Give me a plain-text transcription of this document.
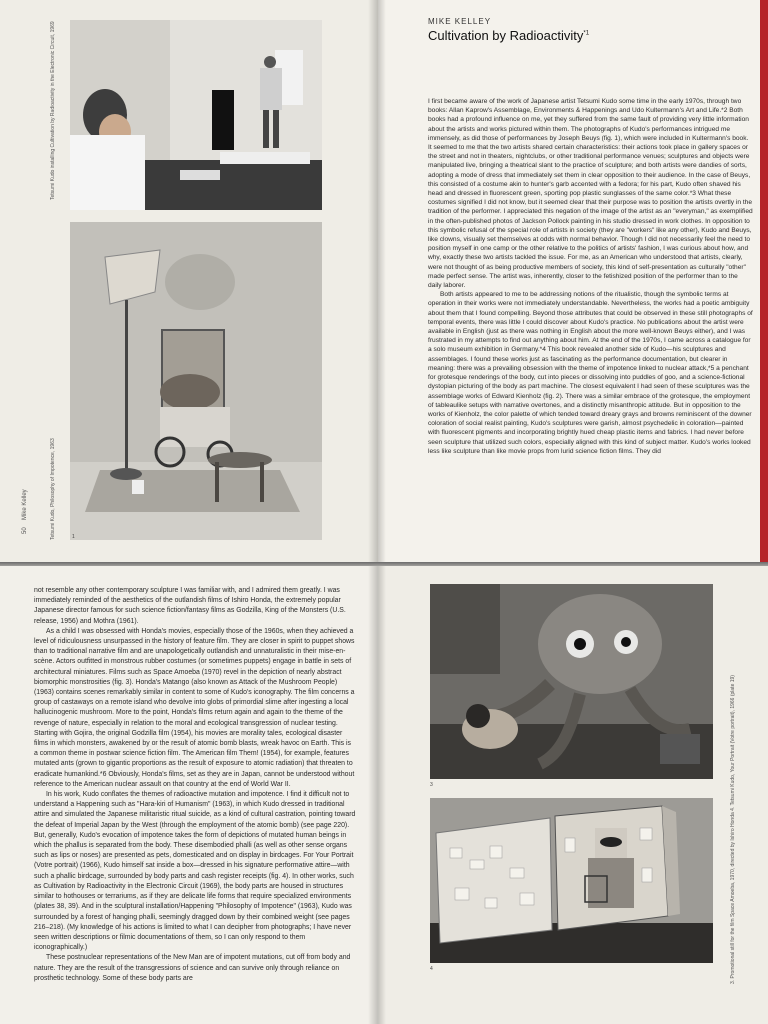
Tetsumi Kudo installing Cultivation by Radioactivity in the Electronic Circuit, 1969
Tetsumi Kudo, Philosophy of Impotence, 1963	1
50
Mike Kelley
MIKE KELLEY
Cultivation by Radioactivity$^{*1}$

I first became aware of the work of Japanese artist Tetsumi Kudo some time in the early 1970s, through two books: Allan Kaprow's Assemblage, Environments & Happenings and Udo Kultermann's Art and Life.*2 Both books had a profound influence on me, yet they suffered from the same fault of providing very little information about the artists and works pictured within them. The photographs of Kudo's performances intrigued me immensely, as did those of performances by Joseph Beuys (fig. 1), which were included in Kultermann's book. It seemed to me that the two artists shared certain characteristics: their actions took place in gallery spaces or the street and not in theaters, nightclubs, or other traditional performance venues; sculptures and objects were manipulated live, bringing a theatrical slant to the practice of sculpture; and both artists were dandies of sorts, adopting a mode of dress that immediately set them in clear opposition to their audience. In the case of Beuys, this consisted of a costume akin to hunter's garb accented with a fedora; for his part, Kudo often shaved his head and dressed in fluorescent green, sporting pop plastic sunglasses of the same color.*3 What these costumes signified I did not know, but it seemed clear that their purpose was to position the artists overtly in the tradition of the performer. I appreciated this negation of the image of the artist as an "everyman," as exemplified in the often-published photos of Jackson Pollock painting in his studio dressed in work clothes. In opposition to this symbolic refusal of the special role of artists in society (they are "workers" like any other), Kudo and Beuys, like clowns, visually set themselves at odds with normal behavior. Though I did not necessarily feel the need to position myself in one camp or the other relative to the politics of artists' fashion, I was curious about how, and why, exactly these two artists tackled the issue. For me, as an American who understood that artists, clearly, were not thought of as being productive members of society, this kind of self-presentation as culturally "other" made perfect sense. The artist was, inherently, closer to the fetishized position of the performer than to the daily laborer.

Both artists appeared to me to be addressing notions of the ritualistic, though the symbolic terms at operation in their works were not immediately understandable. Nevertheless, the works had a poetic ambiguity about them that I found compelling. Beyond those attributes that could be observed in these still photographs of temporal events, there was little I could discover about Kudo's practice. No publications about the artist were available in English (just as there was nothing in English about the more well-known Beuys either), and I was frustrated in my attempts to find out anything about him. At the end of the 1970s, I came across a catalogue for a solo museum exhibition in Germany.*4 This book revealed another side of Kudo—his sculptures and assemblages. I found these works just as fascinating as the performance documentation, but clearer in meaning: there was a prevailing obsession with the theme of impotence linked to nuclear attack,*5 a penchant for grotesque renderings of the body, cut into pieces or dissolving into puddles of goo, and a science-fictional dystopian picturing of the body as part machine. The closest equivalent I had seen of these sculptures was the assemblage works of Edward Kienholz (fig. 2). There was a similar embrace of the grotesque, the employment of tableaulike setups with narrative overtones, and a distinctly misanthropic attitude. But in opposition to the works of Kienholz, the color palette of which tended toward dreary grays and browns reminiscent of the downer coloration of social realist painting, Kudo's sculptures were garish, almost psychedelic in coloration—painted with fluorescent pigments and incorporating brightly hued cheap plastic items and fabrics. I had never before seen sculpture that utilized such colors, especially aligned with this kind of subject matter. Kudo's works looked less like sculpture than like movie props from lurid science fiction films. They did

not resemble any other contemporary sculpture I was familiar with, and I admired them greatly. I was immediately reminded of the aesthetics of the outlandish films of Ishiro Honda, the extremely popular Japanese director famous for such science fiction/fantasy films as Godzilla, King of the Monsters (U.S. release, 1956) and Mothra (1961).

As a child I was obsessed with Honda's movies, especially those of the 1960s, when they achieved a level of ridiculousness unsurpassed in the history of feature film. They are closer in spirit to puppet shows than to traditional narrative film and are unapologetically outlandish and unnaturalistic in their mise-en-scène. Actors outfitted in monstrous rubber costumes (or sometimes puppets) engage in battle in sets of architectural miniatures. Films such as Space Amoeba (1970) revel in the depiction of nearly abstract biomorphic monstrosities (fig. 3). Honda's Matango (also known as Attack of the Mushroom People) (1963) contains scenes remarkably similar in content to some of Kudo's iconography. The film concerns a group of castaways on a remote island who devolve into globs of primordial slime after ingesting a local hallucinogenic mushroom. More to the point, Honda's films return again and again to the theme of the revenge of nature, especially in relation to the moral and ecological transgression of nuclear testing. Starting with Gojira, the original Godzilla film (1954), his movies are morality tales, ecological disaster films in which monsters, awakened by or the result of atomic bomb blasts, wreak havoc on Earth. This is a common theme in postwar science fiction film. The American film Them! (1954), for example, features mutated ants (grown to gigantic proportions as the result of exposure to atomic radiation) that threaten to eradicate humankind.*6 Obviously, Honda's films, set as they are in Japan, cannot be understood without reference to the American nuclear assault on that country at the end of World War II.

In his work, Kudo conflates the themes of radioactive mutation and impotence. I find it difficult not to understand a Happening such as "Hara-kiri of Humanism" (1963), in which Kudo dressed in traditional attire and simulated the Japanese militaristic ritual suicide, as a kind of cultural castration, pointing toward the defeat of Imperial Japan by the West (through the employment of the atomic bomb) (see page 220). But, generally, Kudo's evocation of impotence takes the form of depictions of mutated human beings in which the phallus is separated from the body. These disembodied phalli (as well as other sense organs such as lips or noses) are presented as pets, domesticated and on display in birdcages. For Your Portrait (Votre portrait) (1966), Kudo himself sat inside a box—dressed in his signature performative attire—with such a phallic birdcage, surrounded by body parts and cash register receipts (fig. 4). In other works, such as Cultivation by Radioactivity in the Electronic Circuit (1969), the body parts are housed in structures similar to hothouses or terrariums, as if they are delicate life forms that require specialized environments (plates 38, 39). And in the sculptural installation/Happening "Philosophy of Impotence" (1963), Kudo was surrounded by a forest of hanging phalli, seemingly dragged down by their combined weight (see pages 216–218). (My knowledge of his actions is limited to what I can decipher from photographs; I have never seen written descriptions or filmic documentations of them, so I can only respond to them iconographically.)

These postnuclear representations of the New Man are of impotent mutations, cut off from body and nature. They are the result of the transgressions of science and can survive only through reliance on prosthetic technology. Some of these body parts are

3
4	3. Promotional still for the film Space Amoeba, 1970, directed by Ishiro Honda 4. Tetsumi Kudo, Your Portrait (Votre portrait), 1966 (plate 19)
